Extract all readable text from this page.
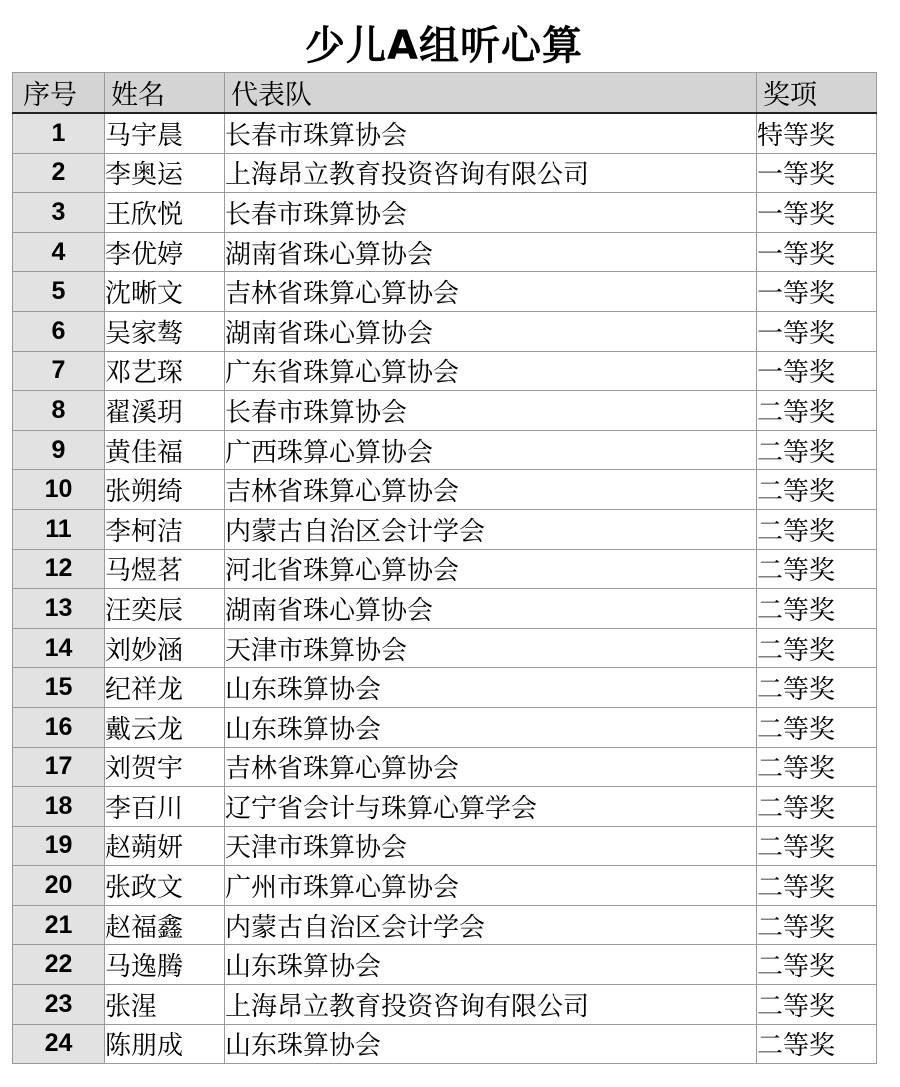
少儿A组听心算
序号	姓名	代表队	奖项
1	马宇晨	长春市珠算协会	特等奖
2	李奥运	上海昂立教育投资咨询有限公司	一等奖
3	王欣悦	长春市珠算协会	一等奖
4	李优婷	湖南省珠心算协会	一等奖
5	沈晰文	吉林省珠算心算协会	一等奖
6	吴家骜	湖南省珠心算协会	一等奖
7	邓艺琛	广东省珠算心算协会	一等奖
8	翟溪玥	长春市珠算协会	二等奖
9	黄佳福	广西珠算心算协会	二等奖
10	张朔绮	吉林省珠算心算协会	二等奖
11	李柯洁	内蒙古自治区会计学会	二等奖
12	马煜茗	河北省珠算心算协会	二等奖
13	汪奕辰	湖南省珠心算协会	二等奖
14	刘妙涵	天津市珠算协会	二等奖
15	纪祥龙	山东珠算协会	二等奖
16	戴云龙	山东珠算协会	二等奖
17	刘贺宇	吉林省珠算心算协会	二等奖
18	李百川	辽宁省会计与珠算心算学会	二等奖
19	赵蒴妍	天津市珠算协会	二等奖
20	张政文	广州市珠算心算协会	二等奖
21	赵福鑫	内蒙古自治区会计学会	二等奖
22	马逸腾	山东珠算协会	二等奖
23	张湦	上海昂立教育投资咨询有限公司	二等奖
24	陈朋成	山东珠算协会	二等奖
